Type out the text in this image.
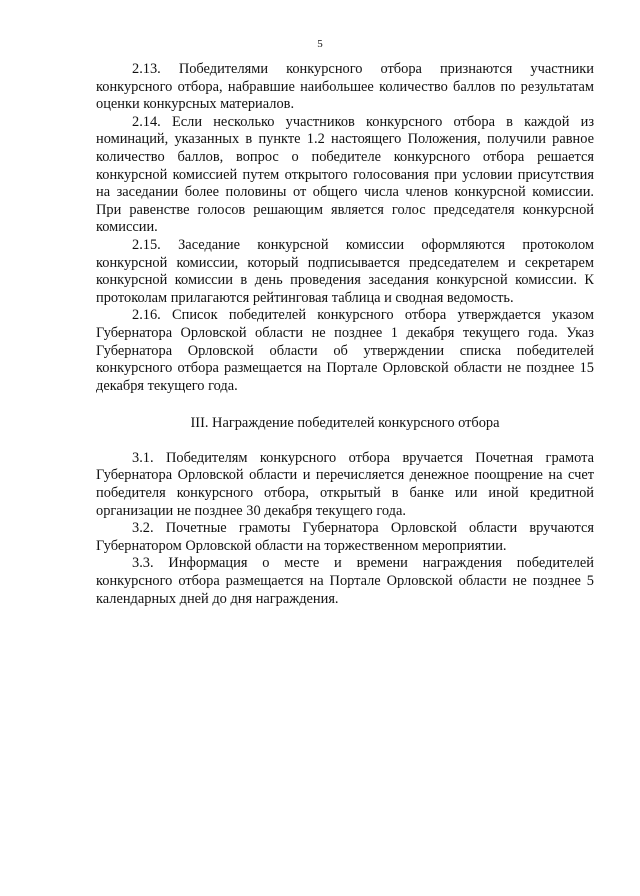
5

2.13. Победителями конкурсного отбора признаются участники конкурсного отбора, набравшие наибольшее количество баллов по результатам оценки конкурсных материалов.

2.14. Если несколько участников конкурсного отбора в каждой из номинаций, указанных в пункте 1.2 настоящего Положения, получили равное количество баллов, вопрос о победителе конкурсного отбора решается конкурсной комиссией путем открытого голосования при условии присутствия на заседании более половины от общего числа членов конкурсной комиссии. При равенстве голосов решающим является голос председателя конкурсной комиссии.

2.15. Заседание конкурсной комиссии оформляются протоколом конкурсной комиссии, который подписывается председателем и секретарем конкурсной комиссии в день проведения заседания конкурсной комиссии. К протоколам прилагаются рейтинговая таблица и сводная ведомость.

2.16. Список победителей конкурсного отбора утверждается указом Губернатора Орловской области не позднее 1 декабря текущего года. Указ Губернатора Орловской области об утверждении списка победителей конкурсного отбора размещается на Портале Орловской области не позднее 15 декабря текущего года.

III. Награждение победителей конкурсного отбора

3.1. Победителям конкурсного отбора вручается Почетная грамота Губернатора Орловской области и перечисляется денежное поощрение на счет победителя конкурсного отбора, открытый в банке или иной кредитной организации не позднее 30 декабря текущего года.

3.2. Почетные грамоты Губернатора Орловской области вручаются Губернатором Орловской области на торжественном мероприятии.

3.3. Информация о месте и времени награждения победителей конкурсного отбора размещается на Портале Орловской области не позднее 5 календарных дней до дня награждения.
